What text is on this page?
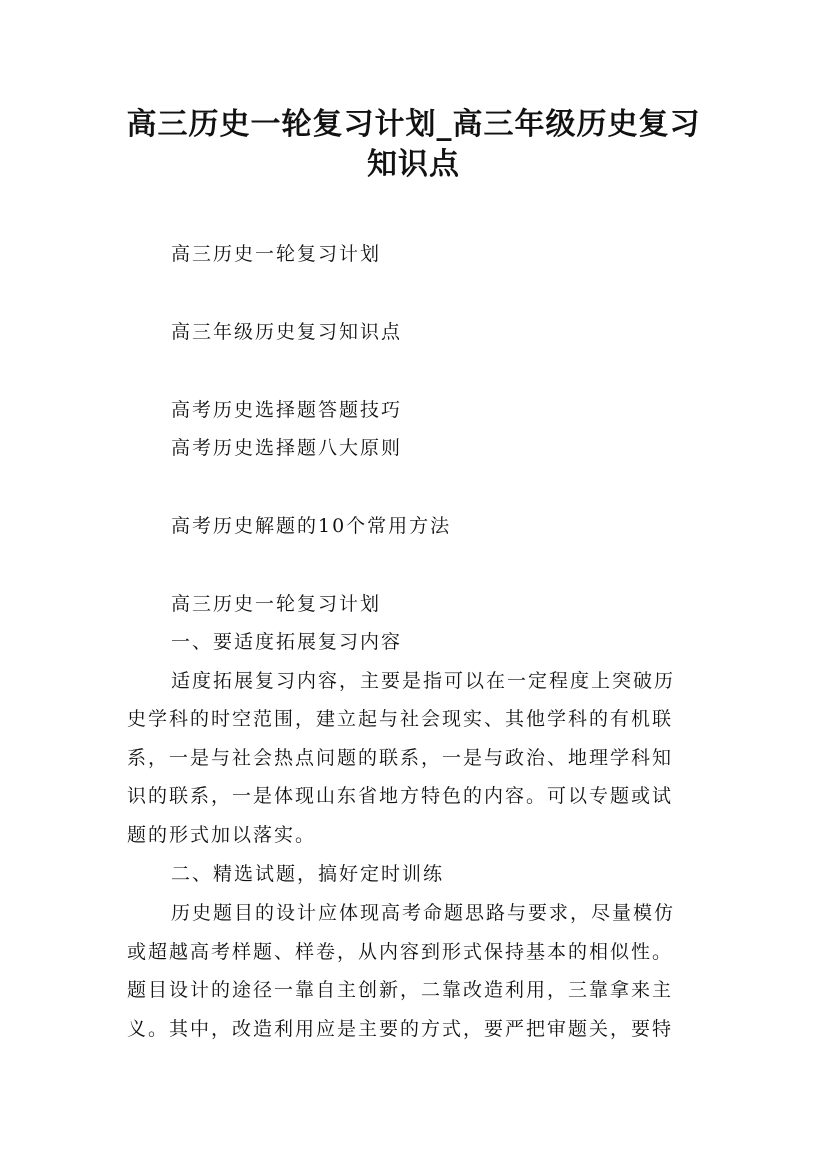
高三历史一轮复习计划_高三年级历史复习
知识点

高三历史一轮复习计划

高三年级历史复习知识点

高考历史选择题答题技巧

高考历史选择题八大原则

高考历史解题的10个常用方法

高三历史一轮复习计划

一、要适度拓展复习内容

适度拓展复习内容，主要是指可以在一定程度上突破历

史学科的时空范围，建立起与社会现实、其他学科的有机联

系，一是与社会热点问题的联系，一是与政治、地理学科知

识的联系，一是体现山东省地方特色的内容。可以专题或试

题的形式加以落实。

二、精选试题，搞好定时训练

历史题目的设计应体现高考命题思路与要求，尽量模仿

或超越高考样题、样卷，从内容到形式保持基本的相似性。

题目设计的途径一靠自主创新，二靠改造利用，三靠拿来主

义。其中，改造利用应是主要的方式，要严把审题关，要特
